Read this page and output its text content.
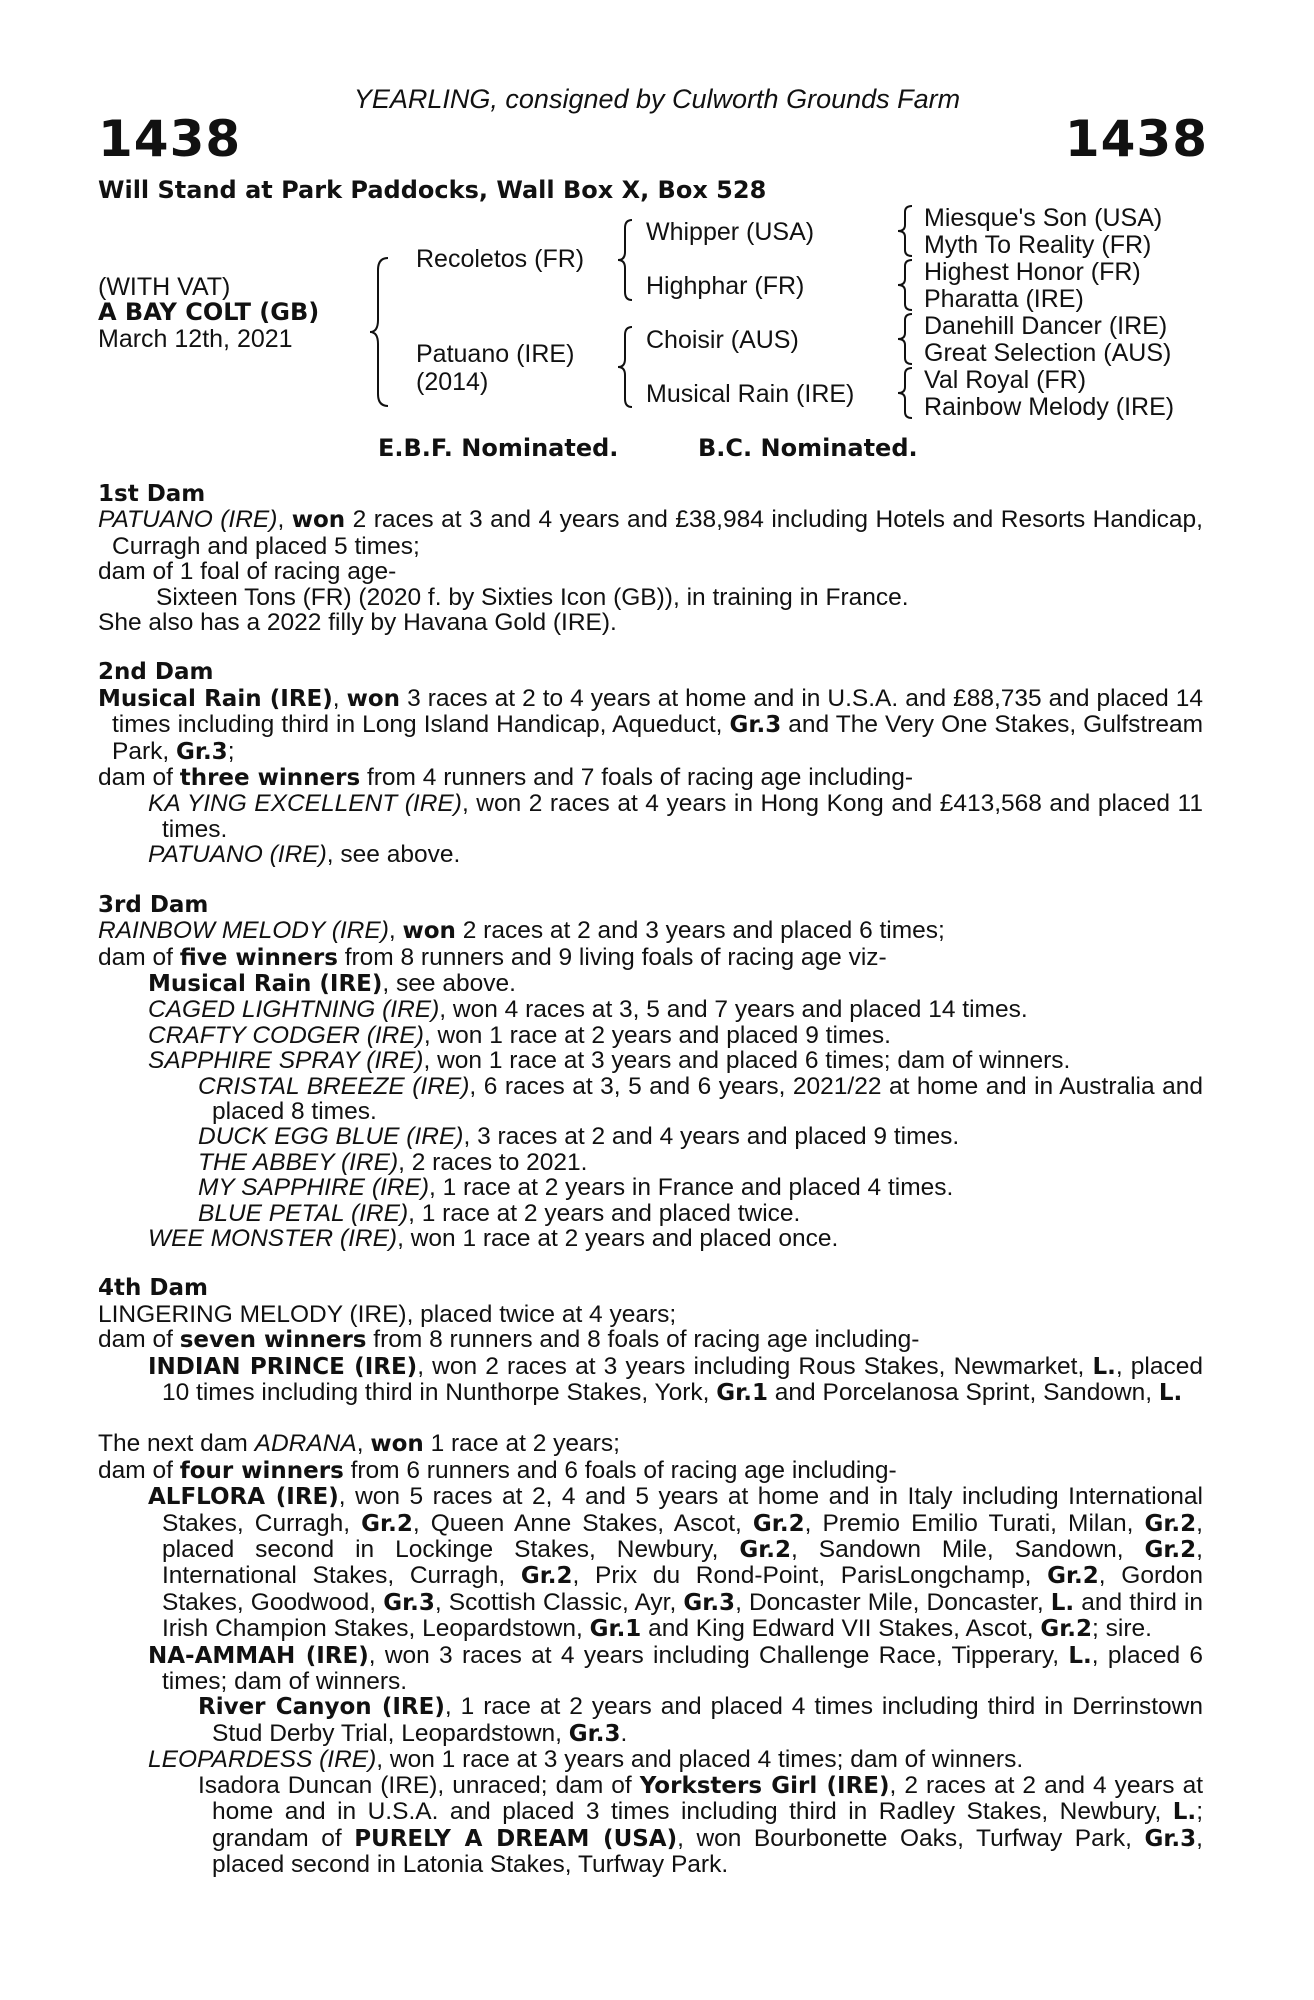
YEARLING, consigned by Culworth Grounds Farm
1438	1438
Will Stand at Park Paddocks, Wall Box X, Box 528
(WITH VAT)
A BAY COLT (GB)
March 12th, 2021
Recoletos (FR)
Patuano (IRE)
(2014)
Whipper (USA)
Highphar (FR)
Choisir (AUS)
Musical Rain (IRE)
Miesque's Son (USA)
Myth To Reality (FR)
Highest Honor (FR)
Pharatta (IRE)
Danehill Dancer (IRE)
Great Selection (AUS)
Val Royal (FR)
Rainbow Melody (IRE)
E.B.F. Nominated.	B.C. Nominated.
1st Dam

PATUANO (IRE), won 2 races at 3 and 4 years and £38,984 including Hotels and Resorts Handicap, Curragh and placed 5 times;

dam of 1 foal of racing age-

Sixteen Tons (FR) (2020 f. by Sixties Icon (GB)), in training in France.

She also has a 2022 filly by Havana Gold (IRE).

2nd Dam

Musical Rain (IRE), won 3 races at 2 to 4 years at home and in U.S.A. and £88,735 and placed 14 times including third in Long Island Handicap, Aqueduct, Gr.3 and The Very One Stakes, Gulfstream Park, Gr.3;

dam of three winners from 4 runners and 7 foals of racing age including-

KA YING EXCELLENT (IRE), won 2 races at 4 years in Hong Kong and £413,568 and placed 11 times.

PATUANO (IRE), see above.

3rd Dam

RAINBOW MELODY (IRE), won 2 races at 2 and 3 years and placed 6 times;

dam of five winners from 8 runners and 9 living foals of racing age viz-

Musical Rain (IRE), see above.

CAGED LIGHTNING (IRE), won 4 races at 3, 5 and 7 years and placed 14 times.

CRAFTY CODGER (IRE), won 1 race at 2 years and placed 9 times.

SAPPHIRE SPRAY (IRE), won 1 race at 3 years and placed 6 times; dam of winners.

CRISTAL BREEZE (IRE), 6 races at 3, 5 and 6 years, 2021/22 at home and in Australia and placed 8 times.

DUCK EGG BLUE (IRE), 3 races at 2 and 4 years and placed 9 times.

THE ABBEY (IRE), 2 races to 2021.

MY SAPPHIRE (IRE), 1 race at 2 years in France and placed 4 times.

BLUE PETAL (IRE), 1 race at 2 years and placed twice.

WEE MONSTER (IRE), won 1 race at 2 years and placed once.

4th Dam

LINGERING MELODY (IRE), placed twice at 4 years;

dam of seven winners from 8 runners and 8 foals of racing age including-

INDIAN PRINCE (IRE), won 2 races at 3 years including Rous Stakes, Newmarket, L., placed 10 times including third in Nunthorpe Stakes, York, Gr.1 and Porcelanosa Sprint, Sandown, L.

The next dam ADRANA, won 1 race at 2 years;

dam of four winners from 6 runners and 6 foals of racing age including-

ALFLORA (IRE), won 5 races at 2, 4 and 5 years at home and in Italy including International Stakes, Curragh, Gr.2, Queen Anne Stakes, Ascot, Gr.2, Premio Emilio Turati, Milan, Gr.2, placed second in Lockinge Stakes, Newbury, Gr.2, Sandown Mile, Sandown, Gr.2, International Stakes, Curragh, Gr.2, Prix du Rond-Point, ParisLongchamp, Gr.2, Gordon Stakes, Goodwood, Gr.3, Scottish Classic, Ayr, Gr.3, Doncaster Mile, Doncaster, L. and third in Irish Champion Stakes, Leopardstown, Gr.1 and King Edward VII Stakes, Ascot, Gr.2; sire.

NA-AMMAH (IRE), won 3 races at 4 years including Challenge Race, Tipperary, L., placed 6 times; dam of winners.

River Canyon (IRE), 1 race at 2 years and placed 4 times including third in Derrinstown Stud Derby Trial, Leopardstown, Gr.3.

LEOPARDESS (IRE), won 1 race at 3 years and placed 4 times; dam of winners.

Isadora Duncan (IRE), unraced; dam of Yorksters Girl (IRE), 2 races at 2 and 4 years at home and in U.S.A. and placed 3 times including third in Radley Stakes, Newbury, L.; grandam of PURELY A DREAM (USA), won Bourbonette Oaks, Turfway Park, Gr.3, placed second in Latonia Stakes, Turfway Park.
